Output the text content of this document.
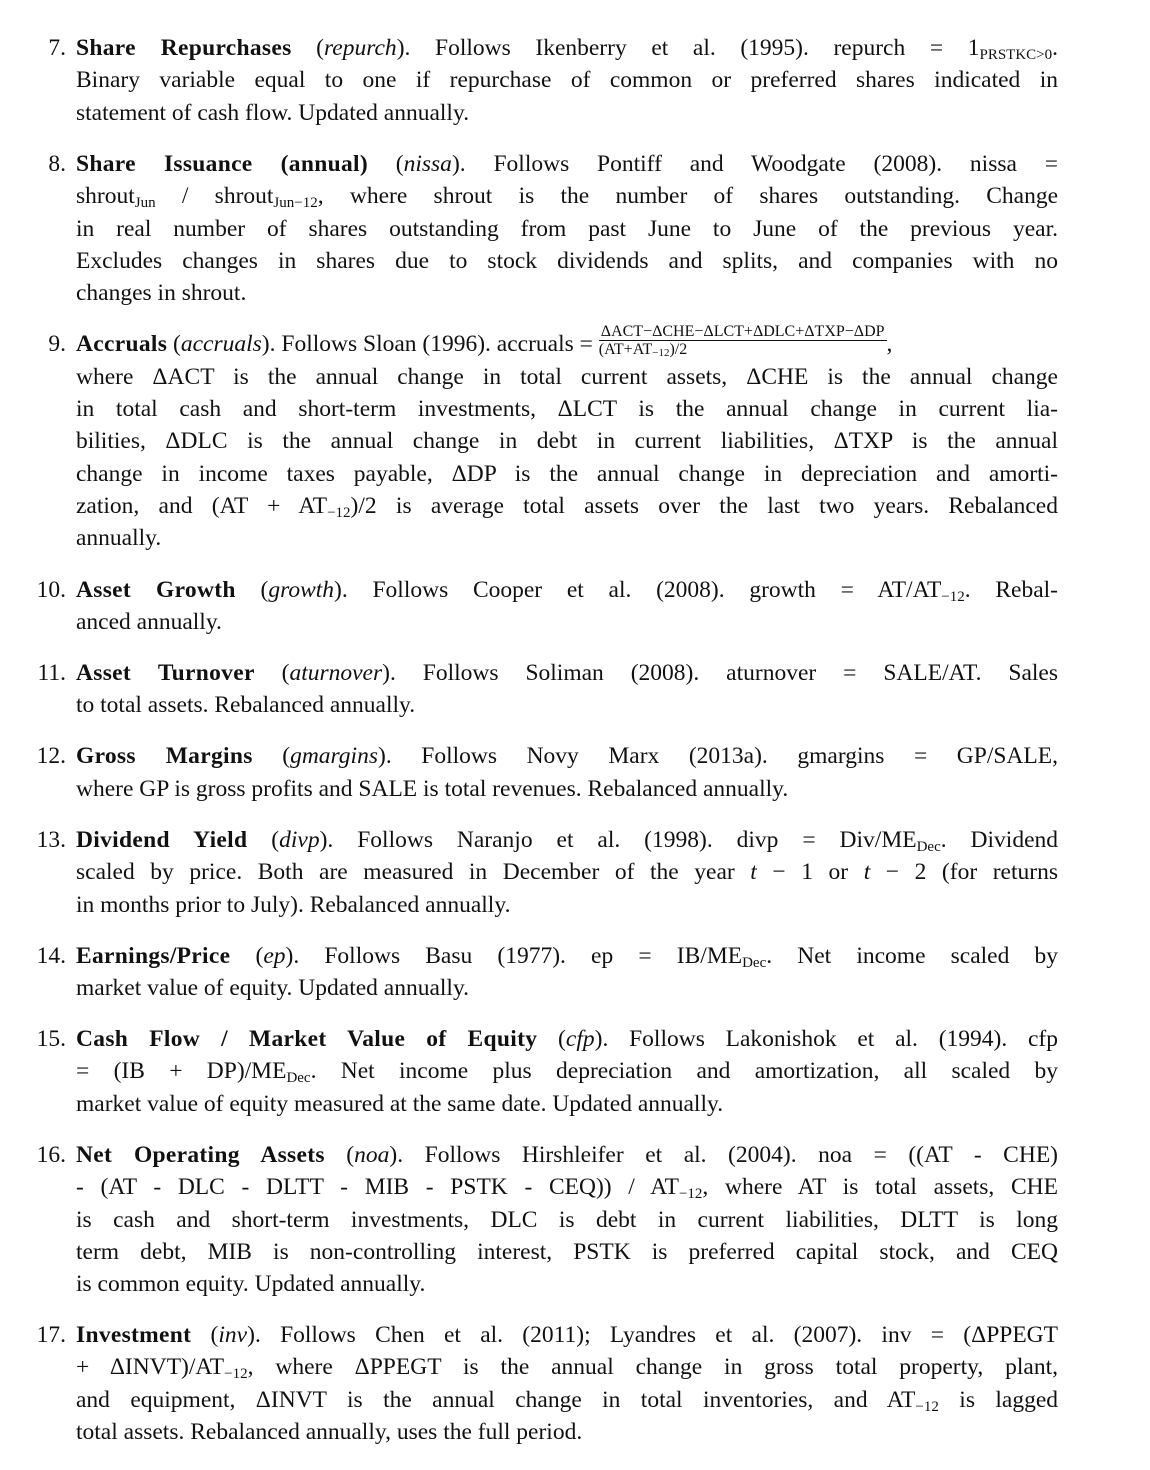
7. Share Repurchases (repurch). Follows Ikenberry et al. (1995). repurch = $1_{PRSTKC>0}$.
Binary variable equal to one if repurchase of common or preferred shares indicated in
statement of cash flow. Updated annually.
8. Share Issuance (annual) (nissa). Follows Pontiff and Woodgate (2008). nissa =
shrout$_{Jun}$ / shrout$_{Jun-12}$, where shrout is the number of shares outstanding. Change
in real number of shares outstanding from past June to June of the previous year.
Excludes changes in shares due to stock dividends and splits, and companies with no
changes in shrout.
9. Accruals (accruals). Follows Sloan (1996). accruals = $\frac{\text{ΔACT−ΔCHE−ΔLCT+ΔDLC+ΔTXP−ΔDP}}{(AT+AT_{-12})/2}$ ,
where ΔACT is the annual change in total current assets, ΔCHE is the annual change
in total cash and short-term investments, ΔLCT is the annual change in current lia-
bilities, ΔDLC is the annual change in debt in current liabilities, ΔTXP is the annual
change in income taxes payable, ΔDP is the annual change in depreciation and amorti-
zation, and $(AT + AT_{-12})/2$ is average total assets over the last two years. Rebalanced
annually.
10. Asset Growth (growth). Follows Cooper et al. (2008). growth = $AT/AT_{-12}$. Rebal-
anced annually.
11. Asset Turnover (aturnover). Follows Soliman (2008). aturnover = SALE/AT. Sales
to total assets. Rebalanced annually.
12. Gross Margins (gmargins). Follows Novy Marx (2013a). gmargins = GP/SALE,
where GP is gross profits and SALE is total revenues. Rebalanced annually.
13. Dividend Yield (divp). Follows Naranjo et al. (1998). divp = Div/$ME_{Dec}$. Dividend
scaled by price. Both are measured in December of the year t − 1 or t − 2 (for returns
in months prior to July). Rebalanced annually.
14. Earnings/Price (ep). Follows Basu (1977). ep = $IB/ME_{Dec}$. Net income scaled by
market value of equity. Updated annually.
15. Cash Flow / Market Value of Equity (cfp). Follows Lakonishok et al. (1994). cfp
= $(IB + DP)/ME_{Dec}$. Net income plus depreciation and amortization, all scaled by
market value of equity measured at the same date. Updated annually.
16. Net Operating Assets (noa). Follows Hirshleifer et al. (2004). noa = ((AT - CHE)
- (AT - DLC - DLTT - MIB - PSTK - $CEQ)) / AT_{-12}$, where AT is total assets, CHE
is cash and short-term investments, DLC is debt in current liabilities, DLTT is long
term debt, MIB is non-controlling interest, PSTK is preferred capital stock, and CEQ
is common equity. Updated annually.
17. Investment (inv). Follows Chen et al. (2011); Lyandres et al. (2007). inv = (ΔPPEGT
+ $\Delta INVT)/AT_{-12}$, where ΔPPEGT is the annual change in gross total property, plant,
and equipment, ΔINVT is the annual change in total inventories, and $AT_{-12}$ is lagged
total assets. Rebalanced annually, uses the full period.
